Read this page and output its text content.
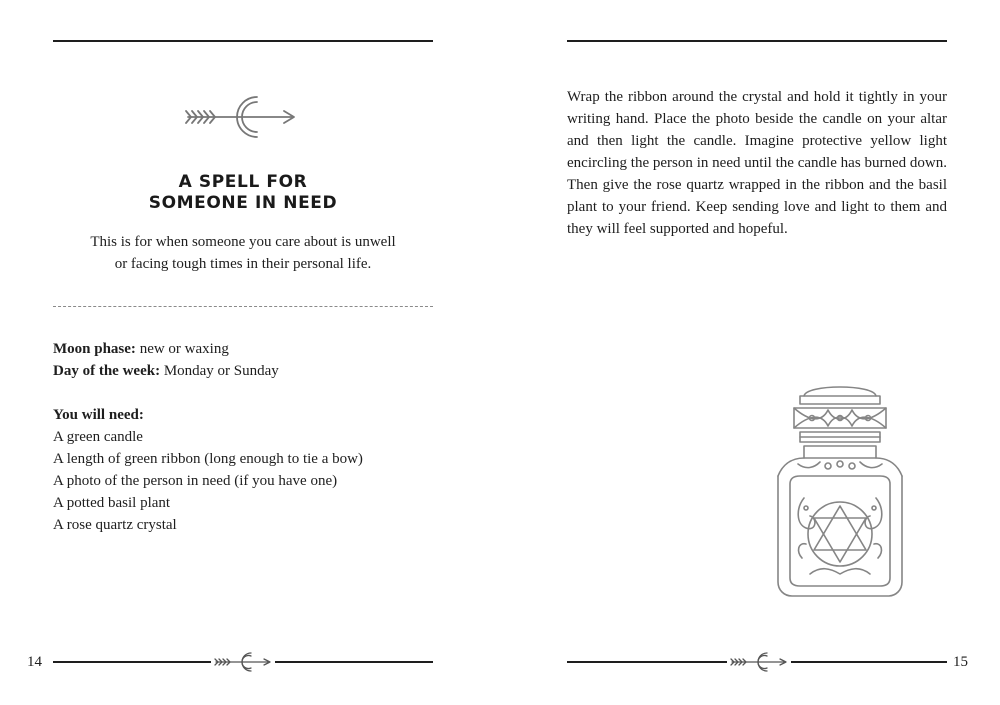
A SPELL FOR
SOMEONE IN NEED

This is for when someone you care about is unwell
or facing tough times in their personal life.

Moon phase: new or waxing
Day of the week: Monday or Sunday
You will need:
A green candle
A length of green ribbon (long enough to tie a bow)
A photo of the person in need (if you have one)
A potted basil plant
A rose quartz crystal
14

Wrap the ribbon around the crystal and hold it tightly in your writing hand. Place the photo beside the candle on your altar and then light the candle. Imagine protective yellow light encircling the person in need until the candle has burned down. Then give the rose quartz wrapped in the ribbon and the basil plant to your friend. Keep sending love and light to them and they will feel supported and hopeful.

15
